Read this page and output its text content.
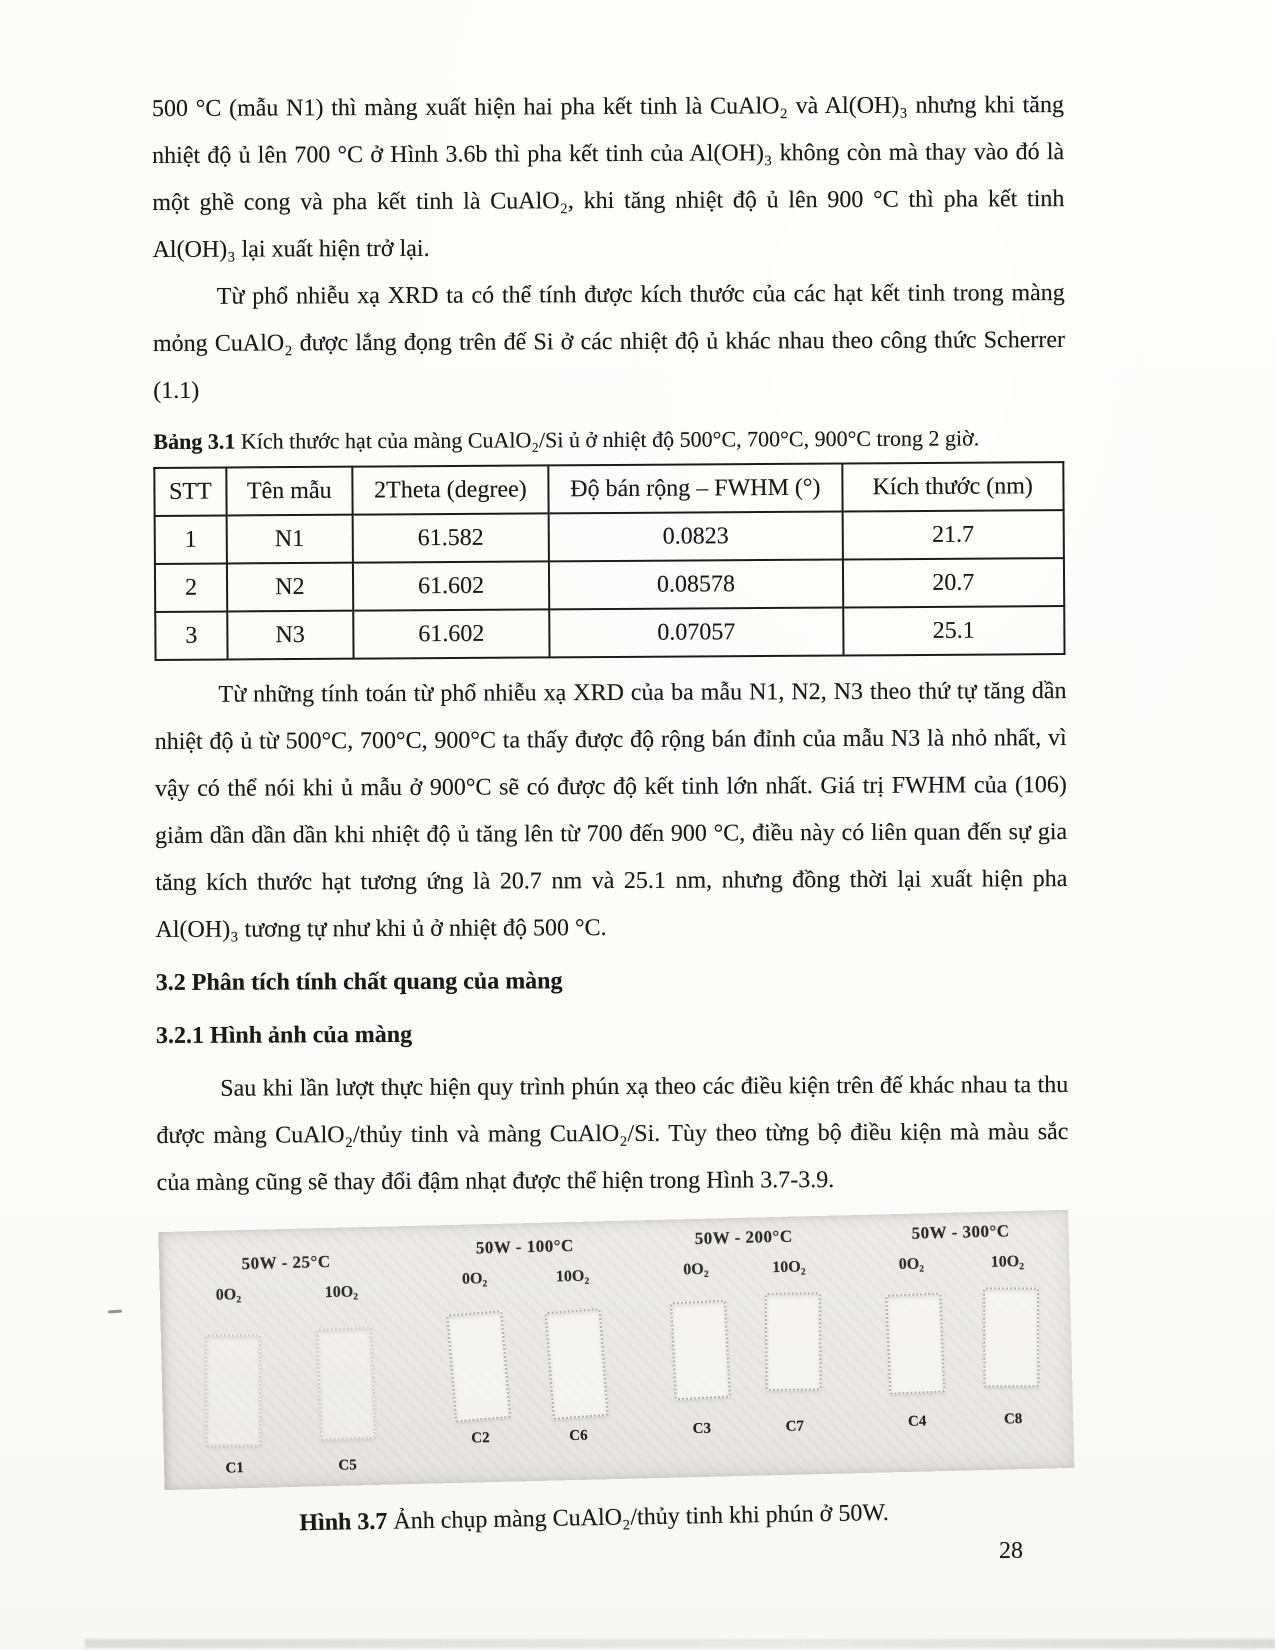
500 °C (mẫu N1) thì màng xuất hiện hai pha kết tinh là CuAlO₂ và Al(OH)₃ nhưng khi tăng nhiệt độ ủ lên 700 °C ở Hình 3.6b thì pha kết tinh của Al(OH)₃ không còn mà thay vào đó là một ghề cong và pha kết tinh là CuAlO₂, khi tăng nhiệt độ ủ lên 900 °C thì pha kết tinh Al(OH)₃ lại xuất hiện trở lại.

Từ phổ nhiễu xạ XRD ta có thể tính được kích thước của các hạt kết tinh trong màng mỏng CuAlO₂ được lắng đọng trên đế Si ở các nhiệt độ ủ khác nhau theo công thức Scherrer (1.1)

Bảng 3.1 Kích thước hạt của màng CuAlO₂/Si ủ ở nhiệt độ 500°C, 700°C, 900°C trong 2 giờ.

STT	Tên mẫu	2Theta (degree)	Độ bán rộng – FWHM (°)	Kích thước (nm)
1	N1	61.582	0.0823	21.7
2	N2	61.602	0.08578	20.7
3	N3	61.602	0.07057	25.1

Từ những tính toán từ phổ nhiễu xạ XRD của ba mẫu N1, N2, N3 theo thứ tự tăng dần nhiệt độ ủ từ 500°C, 700°C, 900°C ta thấy được độ rộng bán đỉnh của mẫu N3 là nhỏ nhất, vì vậy có thể nói khi ủ mẫu ở 900°C sẽ có được độ kết tinh lớn nhất. Giá trị FWHM của (106) giảm dần dần dần khi nhiệt độ ủ tăng lên từ 700 đến 900 °C, điều này có liên quan đến sự gia tăng kích thước hạt tương ứng là 20.7 nm và 25.1 nm, nhưng đồng thời lại xuất hiện pha Al(OH)₃ tương tự như khi ủ ở nhiệt độ 500 °C.

3.2 Phân tích tính chất quang của màng
3.2.1 Hình ảnh của màng

Sau khi lần lượt thực hiện quy trình phún xạ theo các điều kiện trên đế khác nhau ta thu được màng CuAlO₂/thủy tinh và màng CuAlO₂/Si. Tùy theo từng bộ điều kiện mà màu sắc của màng cũng sẽ thay đổi đậm nhạt được thể hiện trong Hình 3.7-3.9.

50W - 25°C
0O₂	10O₂
C1	C5
50W - 100°C
0O₂	10O₂
C2	C6
50W - 200°C
0O₂	10O₂
C3	C7
50W - 300°C
0O₂	10O₂
C4	C8

Hình 3.7 Ảnh chụp màng CuAlO₂/thủy tinh khi phún ở 50W.

28
